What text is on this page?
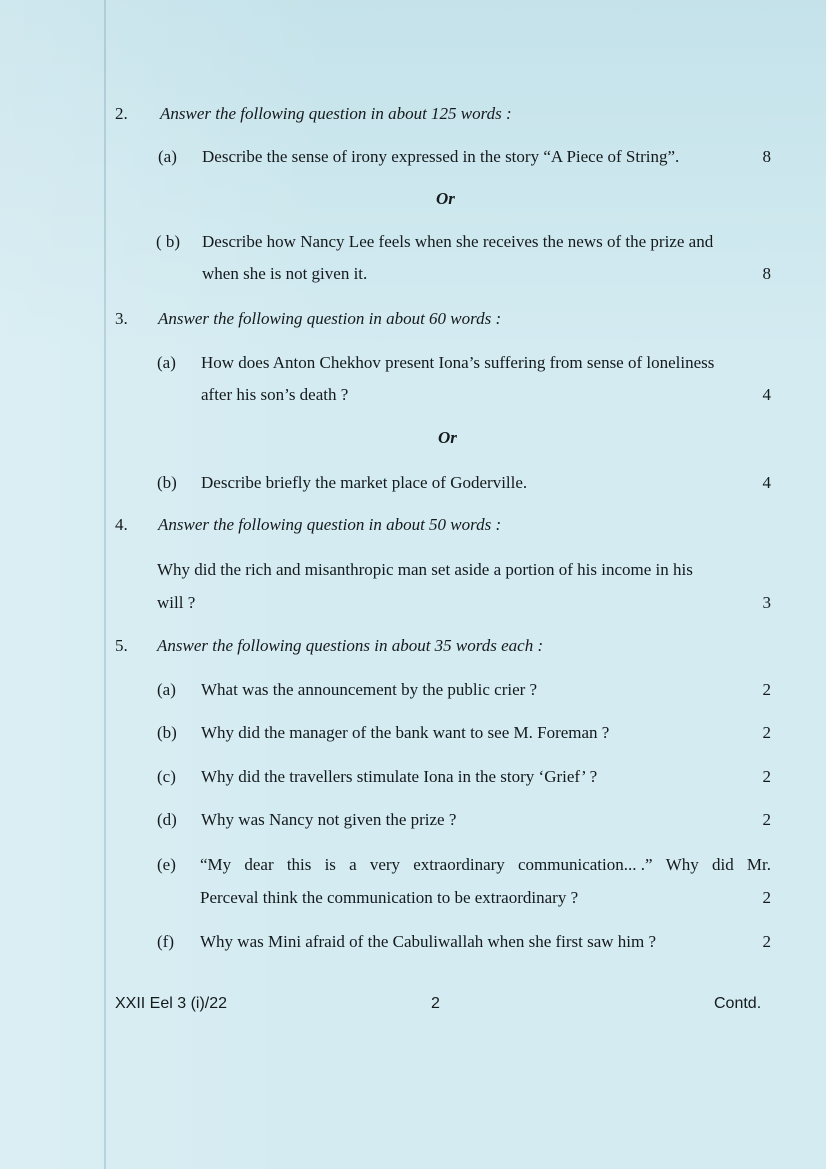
2. Answer the following question in about 125 words :
(a) Describe the sense of irony expressed in the story “A Piece of String”.	8
Or
( b) Describe how Nancy Lee feels when she receives the news of the prize and
when she is not given it.	8
3. Answer the following question in about 60 words :
(a) How does Anton Chekhov present Iona’s suffering from sense of loneliness
after his son’s death ?	4
Or
(b) Describe briefly the market place of Goderville.	4
4. Answer the following question in about 50 words :
Why did the rich and misanthropic man set aside a portion of his income in his
will ?	3
5. Answer the following questions in about 35 words each :
(a) What was the announcement by the public crier ?	2
(b) Why did the manager of the bank want to see M. Foreman ?	2
(c) Why did the travellers stimulate Iona in the story ‘Grief’ ?	2
(d) Why was Nancy not given the prize ?	2
(e) “My dear this is a very extraordinary communication... .” Why did Mr.
Perceval think the communication to be extraordinary ?	2
(f) Why was Mini afraid of the Cabuliwallah when she first saw him ?	2
XXII Eel 3 (i)/22	2	Contd.
